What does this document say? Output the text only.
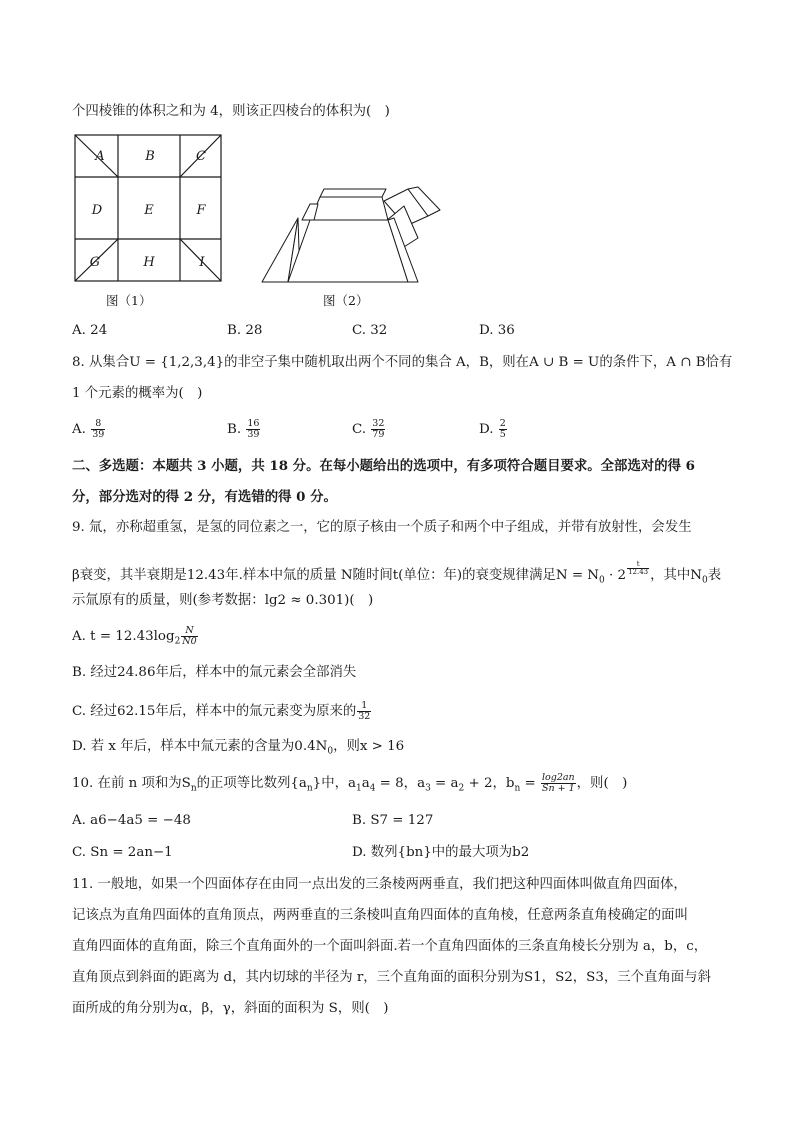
个四棱锥的体积之和为 4，则该正四棱台的体积为(　)
A	B	C
D	E	F
G	H	I
图（1）	图（2）
A. 24	B. 28	C. 32	D. 36
8. 从集合U = {1,2,3,4}的非空子集中随机取出两个不同的集合 A，B，则在A ∪ B = U的条件下，A ∩ B恰有
1 个元素的概率为(　)
A. $\frac{8}{39}$	B. $\frac{16}{39}$	C. $\frac{32}{79}$	D. $\frac{2}{5}$
二、多选题：本题共 3 小题，共 18 分。在每小题给出的选项中，有多项符合题目要求。全部选对的得 6
分，部分选对的得 2 分，有选错的得 0 分。
9. 氚，亦称超重氢，是氢的同位素之一，它的原子核由一个质子和两个中子组成，并带有放射性，会发生
β衰变，其半衰期是12.43年.样本中氚的质量 N随时间t(单位：年)的衰变规律满足$N = N_0 \cdot 2$ $^{\frac{t}{12.43}}$ ，其中$N_0$表
示氚原有的质量，则(参考数据：lg2 ≈ 0.301)(　)
A. $t = 12.43\log_2 \frac{N}{N0}$
B. 经过24.86年后，样本中的氚元素会全部消失
C. 经过62.15年后，样本中的氚元素变为原来的 $\frac{1}{32}$
D. 若 x 年后，样本中氚元素的含量为$0.4N_0$，则x > 16
10. 在前 n 项和为$S_n$的正项等比数列$\{a_n\}$中，$a_1a_4 = 8$，$a_3 = a_2 + 2$，$b_n = \frac{\log 2an}{Sn + 1}$ ，则(　)
A. a6−4a5 = −48	B. S7 = 127
C. Sn = 2an−1	D. 数列{bn}中的最大项为b2
11. 一般地，如果一个四面体存在由同一点出发的三条棱两两垂直，我们把这种四面体叫做直角四面体，
记该点为直角四面体的直角顶点，两两垂直的三条棱叫直角四面体的直角棱，任意两条直角棱确定的面叫
直角四面体的直角面，除三个直角面外的一个面叫斜面.若一个直角四面体的三条直角棱长分别为 a，b，c，
直角顶点到斜面的距离为 d，其内切球的半径为 r，三个直角面的面积分别为S1，S2，S3，三个直角面与斜
面所成的角分别为α，β，γ，斜面的面积为 S，则(　)
